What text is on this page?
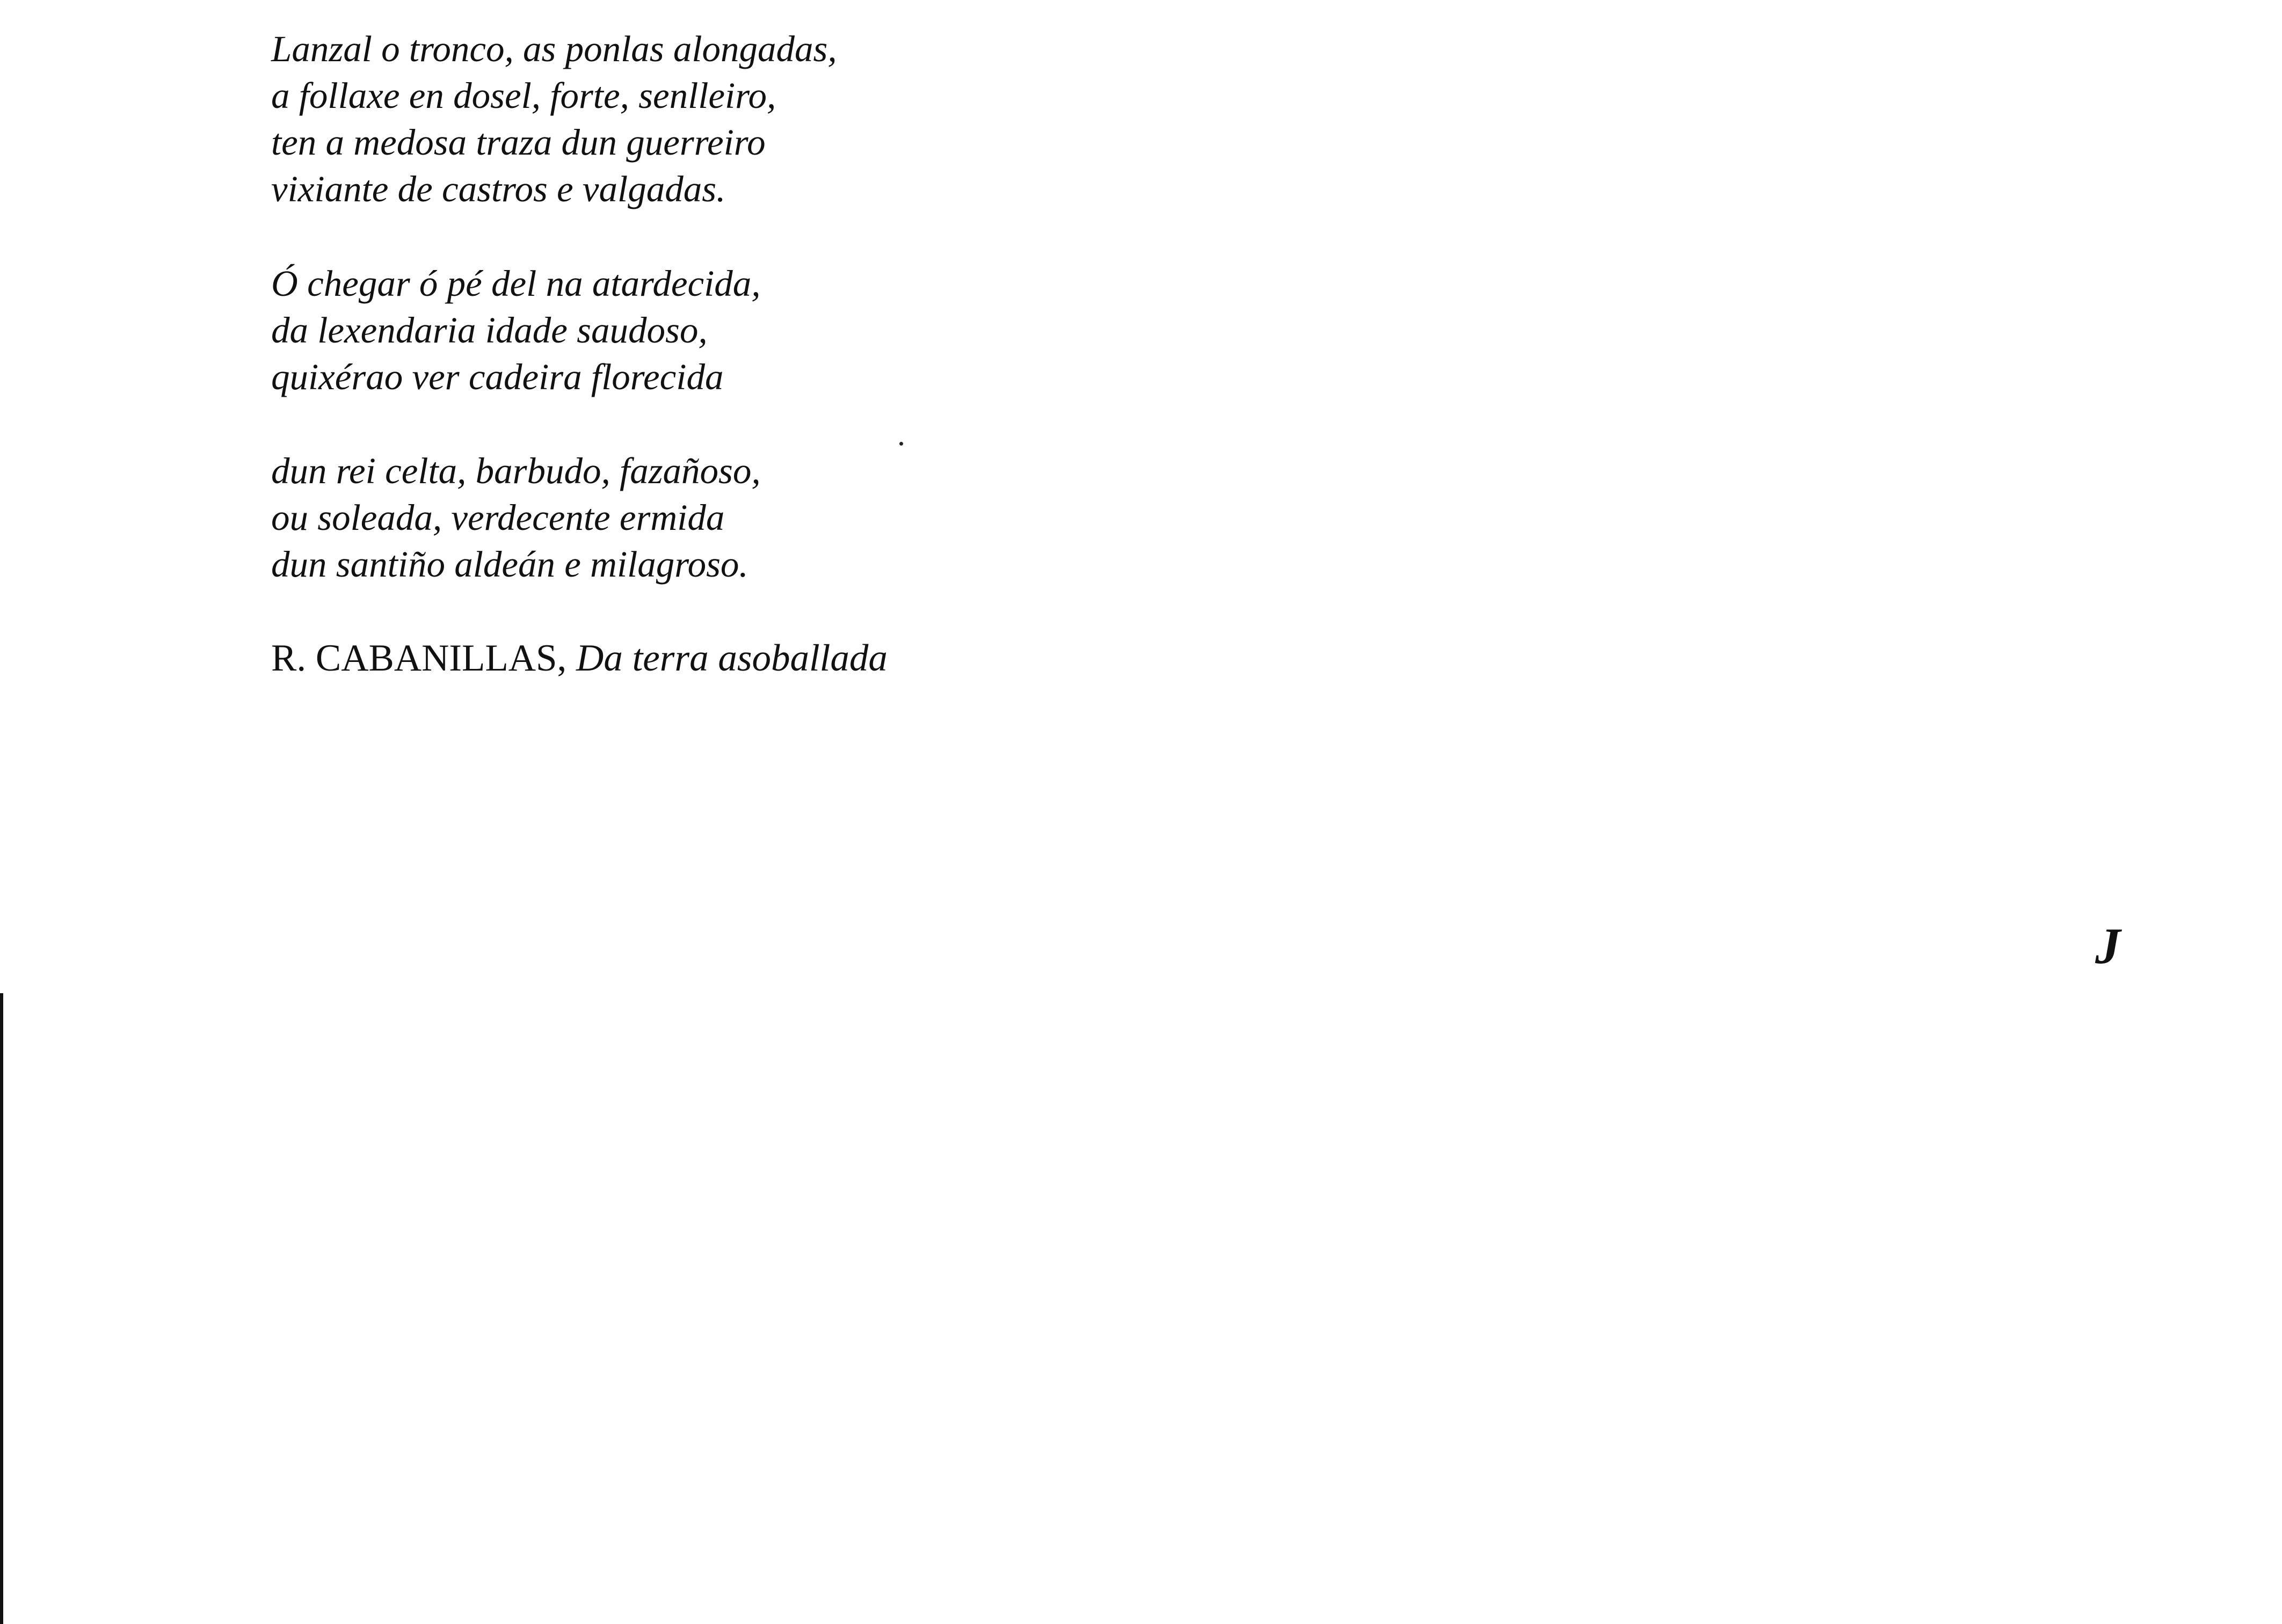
Lanzal o tronco, as ponlas alongadas,
a follaxe en dosel, forte, senlleiro,
ten a medosa traza dun guerreiro
vixiante de castros e valgadas.
Ó chegar ó pé del na atardecida,
da lexendaria idade saudoso,
quixérao ver cadeira florecida
dun rei celta, barbudo, fazañoso,
ou soleada, verdecente ermida
dun santiño aldeán e milagroso.
R. CABANILLAS, Da terra asoballada
J
